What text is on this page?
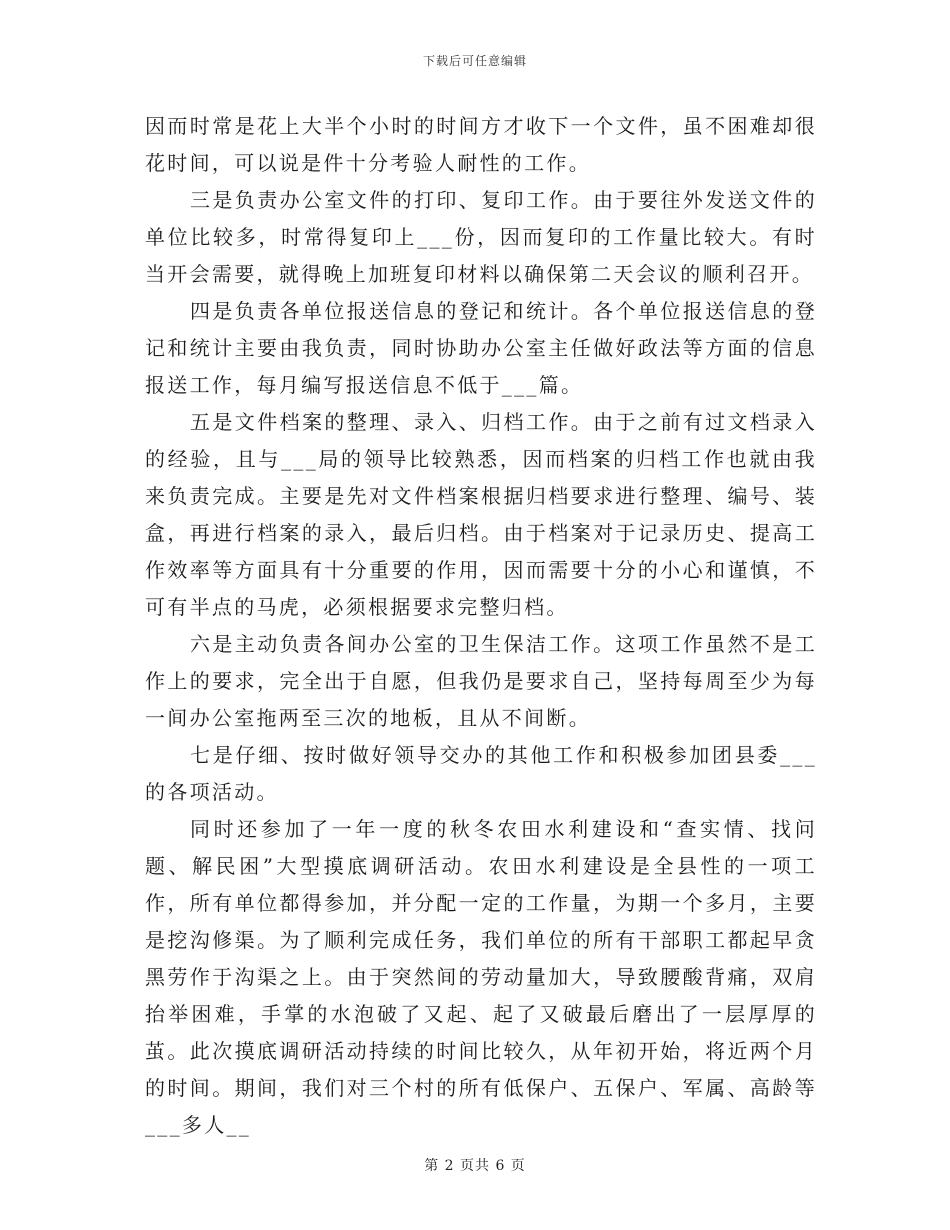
下载后可任意编辑

因而时常是花上大半个小时的时间方才收下一个文件，虽不困难却很花时间，可以说是件十分考验人耐性的工作。

三是负责办公室文件的打印、复印工作。由于要往外发送文件的单位比较多，时常得复印上___份，因而复印的工作量比较大。有时当开会需要，就得晚上加班复印材料以确保第二天会议的顺利召开。

四是负责各单位报送信息的登记和统计。各个单位报送信息的登记和统计主要由我负责，同时协助办公室主任做好政法等方面的信息报送工作，每月编写报送信息不低于___篇。

五是文件档案的整理、录入、归档工作。由于之前有过文档录入的经验，且与___局的领导比较熟悉，因而档案的归档工作也就由我来负责完成。主要是先对文件档案根据归档要求进行整理、编号、装盒，再进行档案的录入，最后归档。由于档案对于记录历史、提高工作效率等方面具有十分重要的作用，因而需要十分的小心和谨慎，不可有半点的马虎，必须根据要求完整归档。

六是主动负责各间办公室的卫生保洁工作。这项工作虽然不是工作上的要求，完全出于自愿，但我仍是要求自己，坚持每周至少为每一间办公室拖两至三次的地板，且从不间断。

七是仔细、按时做好领导交办的其他工作和积极参加团县委___的各项活动。

同时还参加了一年一度的秋冬农田水利建设和“查实情、找问题、解民困”大型摸底调研活动。农田水利建设是全县性的一项工作，所有单位都得参加，并分配一定的工作量，为期一个多月，主要是挖沟修渠。为了顺利完成任务，我们单位的所有干部职工都起早贪黑劳作于沟渠之上。由于突然间的劳动量加大，导致腰酸背痛，双肩抬举困难，手掌的水泡破了又起、起了又破最后磨出了一层厚厚的茧。此次摸底调研活动持续的时间比较久，从年初开始，将近两个月的时间。期间，我们对三个村的所有低保户、五保户、军属、高龄等___多人__

第 2 页共 6 页
